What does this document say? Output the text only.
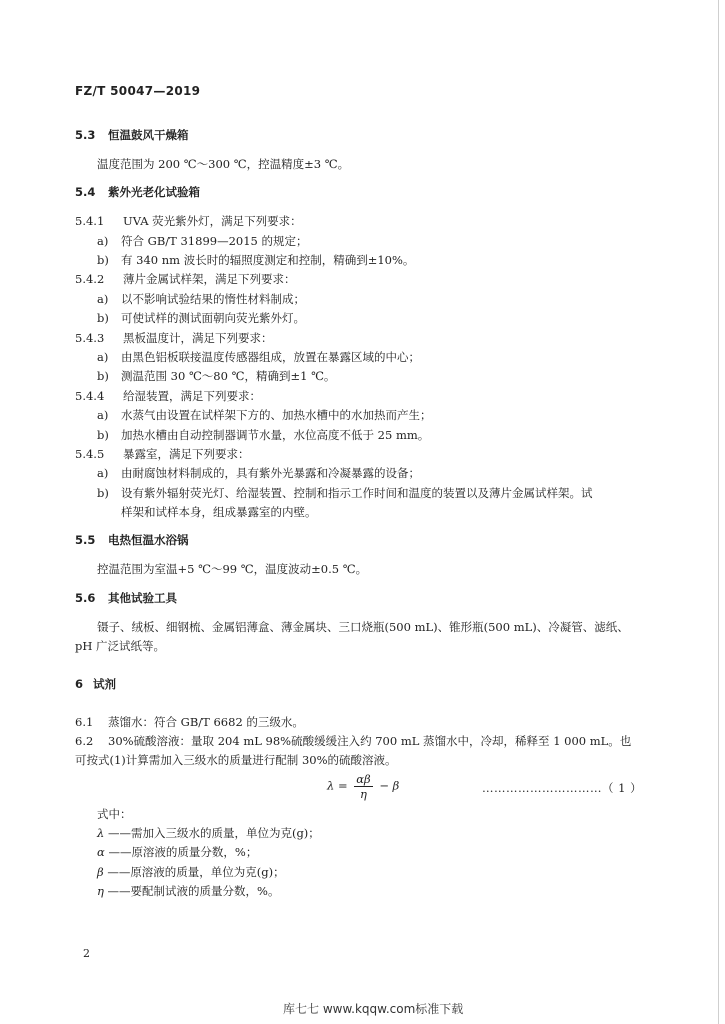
FZ/T 50047—2019
5.3 恒温鼓风干燥箱
温度范围为 200 ℃～300 ℃，控温精度±3 ℃。
5.4 紫外光老化试验箱
5.4.1 UVA 荧光紫外灯，满足下列要求：
a) 符合 GB/T 31899—2015 的规定；
b) 有 340 nm 波长时的辐照度测定和控制，精确到±10%。
5.4.2 薄片金属试样架，满足下列要求：
a) 以不影响试验结果的惰性材料制成；
b) 可使试样的测试面朝向荧光紫外灯。
5.4.3 黑板温度计，满足下列要求：
a) 由黑色铝板联接温度传感器组成，放置在暴露区域的中心；
b) 测温范围 30 ℃～80 ℃，精确到±1 ℃。
5.4.4 给湿装置，满足下列要求：
a) 水蒸气由设置在试样架下方的、加热水槽中的水加热而产生；
b) 加热水槽由自动控制器调节水量，水位高度不低于 25 mm。
5.4.5 暴露室，满足下列要求：
a) 由耐腐蚀材料制成的，具有紫外光暴露和冷凝暴露的设备；
b) 设有紫外辐射荧光灯、给湿装置、控制和指示工作时间和温度的装置以及薄片金属试样架。试
样架和试样本身，组成暴露室的内壁。
5.5 电热恒温水浴锅
控温范围为室温+5 ℃～99 ℃，温度波动±0.5 ℃。
5.6 其他试验工具
镊子、绒板、细钢梳、金属铝薄盒、薄金属块、三口烧瓶(500 mL)、锥形瓶(500 mL)、冷凝管、滤纸、
pH 广泛试纸等。
6 试剂
6.1 蒸馏水：符合 GB/T 6682 的三级水。
6.2 30%硫酸溶液：量取 204 mL 98%硫酸缓缓注入约 700 mL 蒸馏水中，冷却，稀释至 1 000 mL。也
可按式(1)计算需加入三级水的质量进行配制 30%的硫酸溶液。
$\lambda = \frac{\alpha\beta}{\eta} - \beta$	…………………………（ 1 ）
式中：
λ ——需加入三级水的质量，单位为克(g)；
α ——原溶液的质量分数，%；
β ——原溶液的质量，单位为克(g)；
η ——要配制试液的质量分数，%。
2
库七七 www.kqqw.com标准下载
